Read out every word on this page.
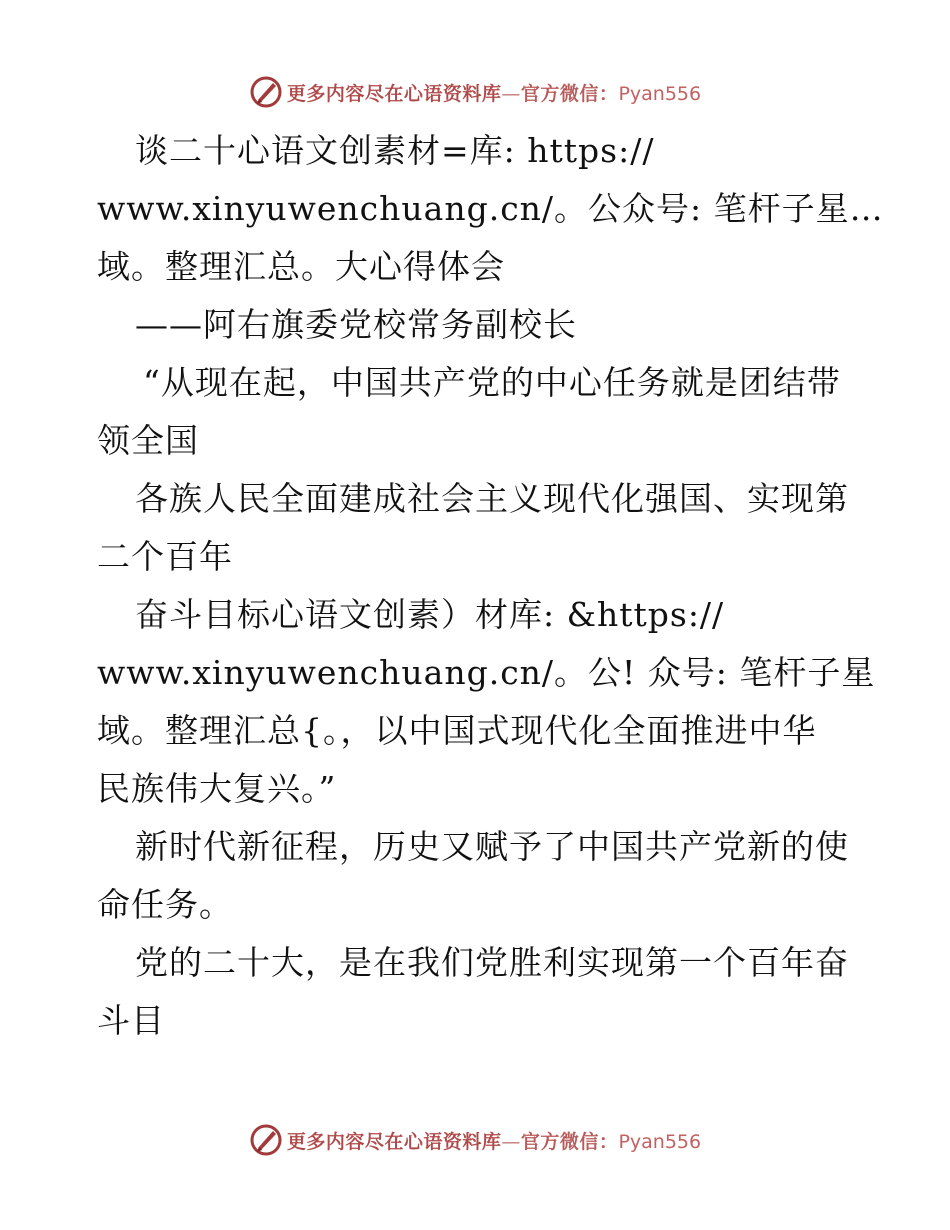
更多内容尽在心语资料库—官方微信：Pyan556
谈二十心语文创素材=库: https://
www.xinyuwenchuang.cn/。公众号: 笔杆子星…
域。整理汇总。大心得体会
——阿右旗委党校常务副校长
“从现在起，中国共产党的中心任务就是团结带
领全国
各族人民全面建成社会主义现代化强国、实现第
二个百年
奋斗目标心语文创素）材库: &https://
www.xinyuwenchuang.cn/。公! 众号: 笔杆子星
域。整理汇总{。，以中国式现代化全面推进中华
民族伟大复兴。”
新时代新征程，历史又赋予了中国共产党新的使
命任务。
党的二十大，是在我们党胜利实现第一个百年奋
斗目
更多内容尽在心语资料库—官方微信：Pyan556
